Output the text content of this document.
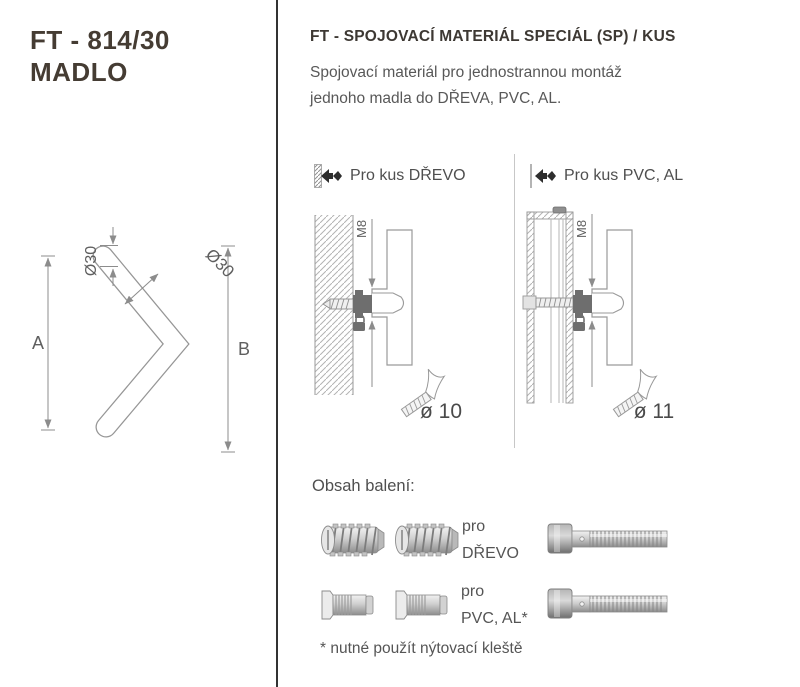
FT - 814/30
MADLO
A	B
Ø30	Ø30
FT - SPOJOVACÍ MATERIÁL SPECIÁL (SP) / KUS
Spojovací materiál pro jednostrannou montáž
jednoho madla do DŘEVA, PVC, AL.
Pro kus DŘEVO	Pro kus PVC, AL
M8
ø 10
M8
ø 11
Obsah balení:
pro
DŘEVO
pro
PVC, AL*
* nutné použít nýtovací kleště
